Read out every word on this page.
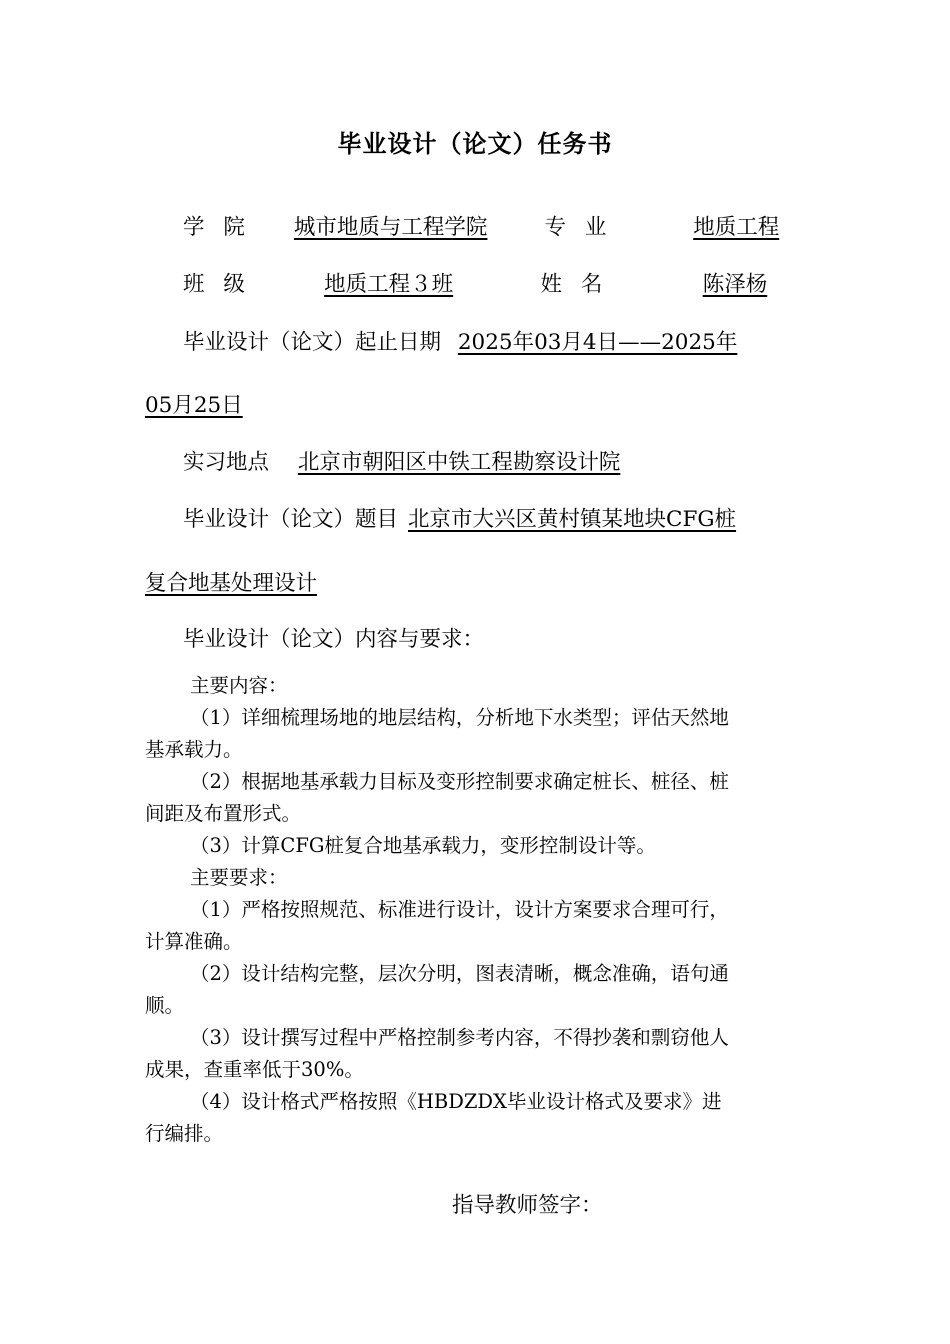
毕业设计（论文）任务书
学 院 城市地质与工程学院	专 业	地质工程
班 级	地质工程３班	姓 名	陈泽杨
毕业设计（论文）起止日期 2025年03月4日——2025年
05月25日
实习地点 北京市朝阳区中铁工程勘察设计院
毕业设计（论文）题目 北京市大兴区黄村镇某地块CFG桩
复合地基处理设计
毕业设计（论文）内容与要求：
主要内容：
（1）详细梳理场地的地层结构，分析地下水类型；评估天然地
基承载力。
（2）根据地基承载力目标及变形控制要求确定桩长、桩径、桩
间距及布置形式。
（3）计算CFG桩复合地基承载力，变形控制设计等。
主要要求：
（1）严格按照规范、标准进行设计，设计方案要求合理可行，
计算准确。
（2）设计结构完整，层次分明，图表清晰，概念准确，语句通
顺。
（3）设计撰写过程中严格控制参考内容，不得抄袭和剽窃他人
成果，查重率低于30%。
（4）设计格式严格按照《HBDZDX毕业设计格式及要求》进
行编排。
指导教师签字：
